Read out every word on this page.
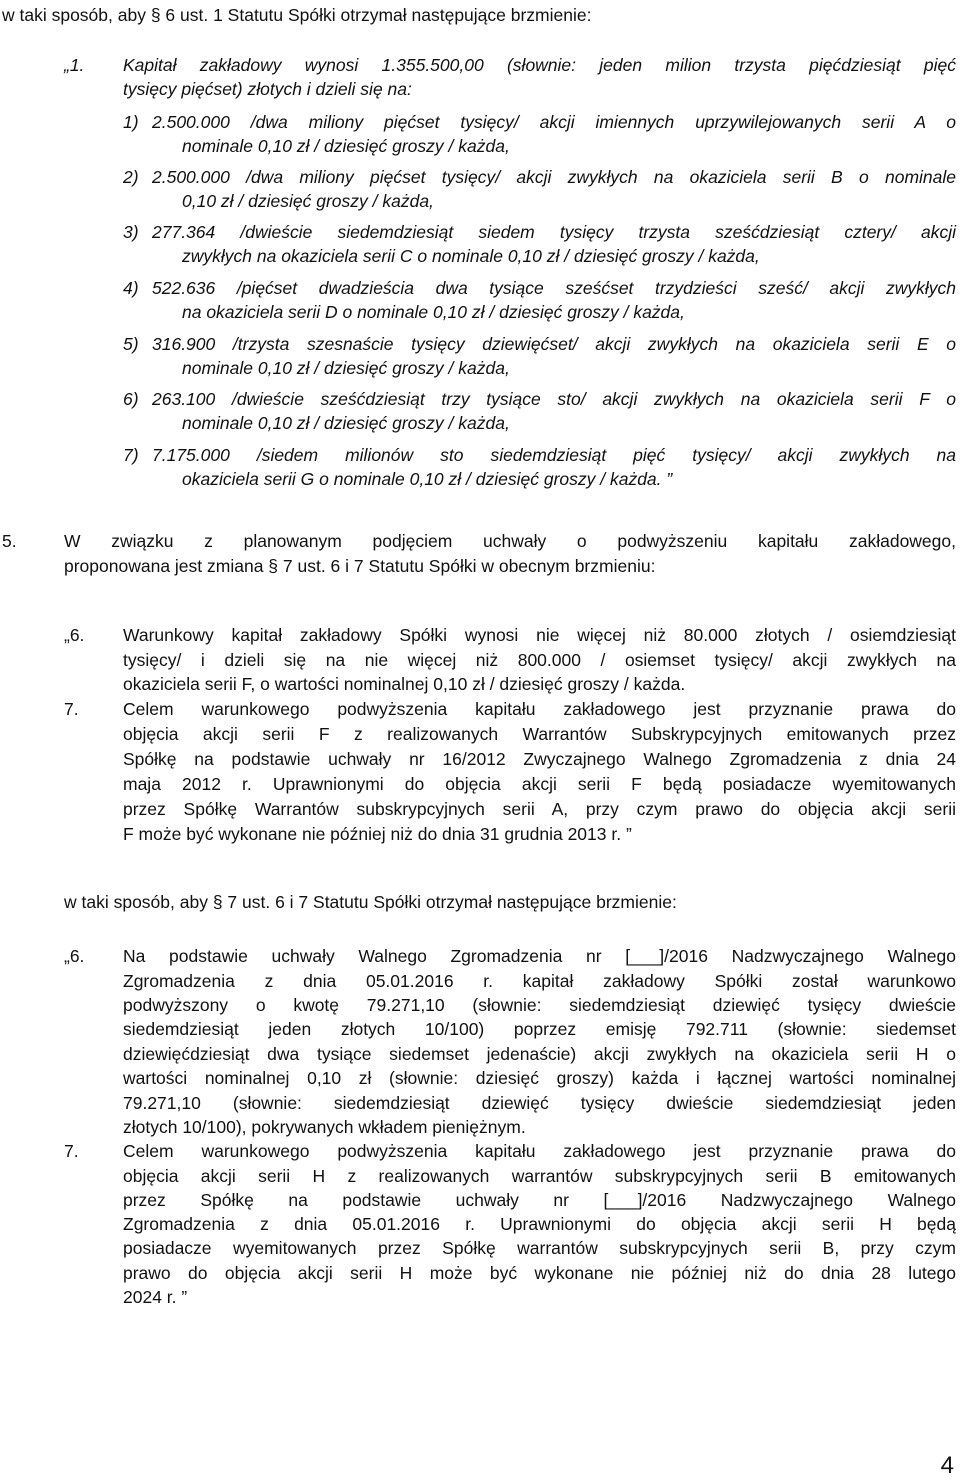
w taki sposób, aby § 6 ust. 1 Statutu Spółki otrzymał następujące brzmienie:
„1. Kapitał zakładowy wynosi 1.355.500,00 (słownie: jeden milion trzysta pięćdziesiąt pięć
tysięcy pięćset) złotych i dzieli się na:
1) 2.500.000 /dwa miliony pięćset tysięcy/ akcji imiennych uprzywilejowanych serii A o
nominale 0,10 zł / dziesięć groszy / każda,
2) 2.500.000 /dwa miliony pięćset tysięcy/ akcji zwykłych na okaziciela serii B o nominale
0,10 zł / dziesięć groszy / każda,
3) 277.364 /dwieście siedemdziesiąt siedem tysięcy trzysta sześćdziesiąt cztery/ akcji
zwykłych na okaziciela serii C o nominale 0,10 zł / dziesięć groszy / każda,
4) 522.636 /pięćset dwadzieścia dwa tysiące sześćset trzydzieści sześć/ akcji zwykłych
na okaziciela serii D o nominale 0,10 zł / dziesięć groszy / każda,
5) 316.900 /trzysta szesnaście tysięcy dziewięćset/ akcji zwykłych na okaziciela serii E o
nominale 0,10 zł / dziesięć groszy / każda,
6) 263.100 /dwieście sześćdziesiąt trzy tysiące sto/ akcji zwykłych na okaziciela serii F o
nominale 0,10 zł / dziesięć groszy / każda,
7) 7.175.000 /siedem milionów sto siedemdziesiąt pięć tysięcy/ akcji zwykłych na
okaziciela serii G o nominale 0,10 zł / dziesięć groszy / każda. ”
5.	W związku z planowanym podjęciem uchwały o podwyższeniu kapitału zakładowego,
proponowana jest zmiana § 7 ust. 6 i 7 Statutu Spółki w obecnym brzmieniu:
„6. Warunkowy kapitał zakładowy Spółki wynosi nie więcej niż 80.000 złotych / osiemdziesiąt
tysięcy/ i dzieli się na nie więcej niż 800.000 / osiemset tysięcy/ akcji zwykłych na
okaziciela serii F, o wartości nominalnej 0,10 zł / dziesięć groszy / każda.
7.	Celem warunkowego podwyższenia kapitału zakładowego jest przyznanie prawa do
objęcia akcji serii F z realizowanych Warrantów Subskrypcyjnych emitowanych przez
Spółkę na podstawie uchwały nr 16/2012 Zwyczajnego Walnego Zgromadzenia z dnia 24
maja 2012 r. Uprawnionymi do objęcia akcji serii F będą posiadacze wyemitowanych
przez Spółkę Warrantów subskrypcyjnych serii A, przy czym prawo do objęcia akcji serii
F może być wykonane nie później niż do dnia 31 grudnia 2013 r. ”
w taki sposób, aby § 7 ust. 6 i 7 Statutu Spółki otrzymał następujące brzmienie:
„6. Na podstawie uchwały Walnego Zgromadzenia nr [___]/2016 Nadzwyczajnego Walnego
Zgromadzenia z dnia 05.01.2016 r. kapitał zakładowy Spółki został warunkowo
podwyższony o kwotę 79.271,10 (słownie: siedemdziesiąt dziewięć tysięcy dwieście
siedemdziesiąt jeden złotych 10/100) poprzez emisję 792.711 (słownie: siedemset
dziewięćdziesiąt dwa tysiące siedemset jedenaście) akcji zwykłych na okaziciela serii H o
wartości nominalnej 0,10 zł (słownie: dziesięć groszy) każda i łącznej wartości nominalnej
79.271,10 (słownie: siedemdziesiąt dziewięć tysięcy dwieście siedemdziesiąt jeden
złotych 10/100), pokrywanych wkładem pieniężnym.
7.	Celem warunkowego podwyższenia kapitału zakładowego jest przyznanie prawa do
objęcia akcji serii H z realizowanych warrantów subskrypcyjnych serii B emitowanych
przez Spółkę na podstawie uchwały nr [___]/2016 Nadzwyczajnego Walnego
Zgromadzenia z dnia 05.01.2016 r. Uprawnionymi do objęcia akcji serii H będą
posiadacze wyemitowanych przez Spółkę warrantów subskrypcyjnych serii B, przy czym
prawo do objęcia akcji serii H może być wykonane nie później niż do dnia 28 lutego
2024 r. ”
4
